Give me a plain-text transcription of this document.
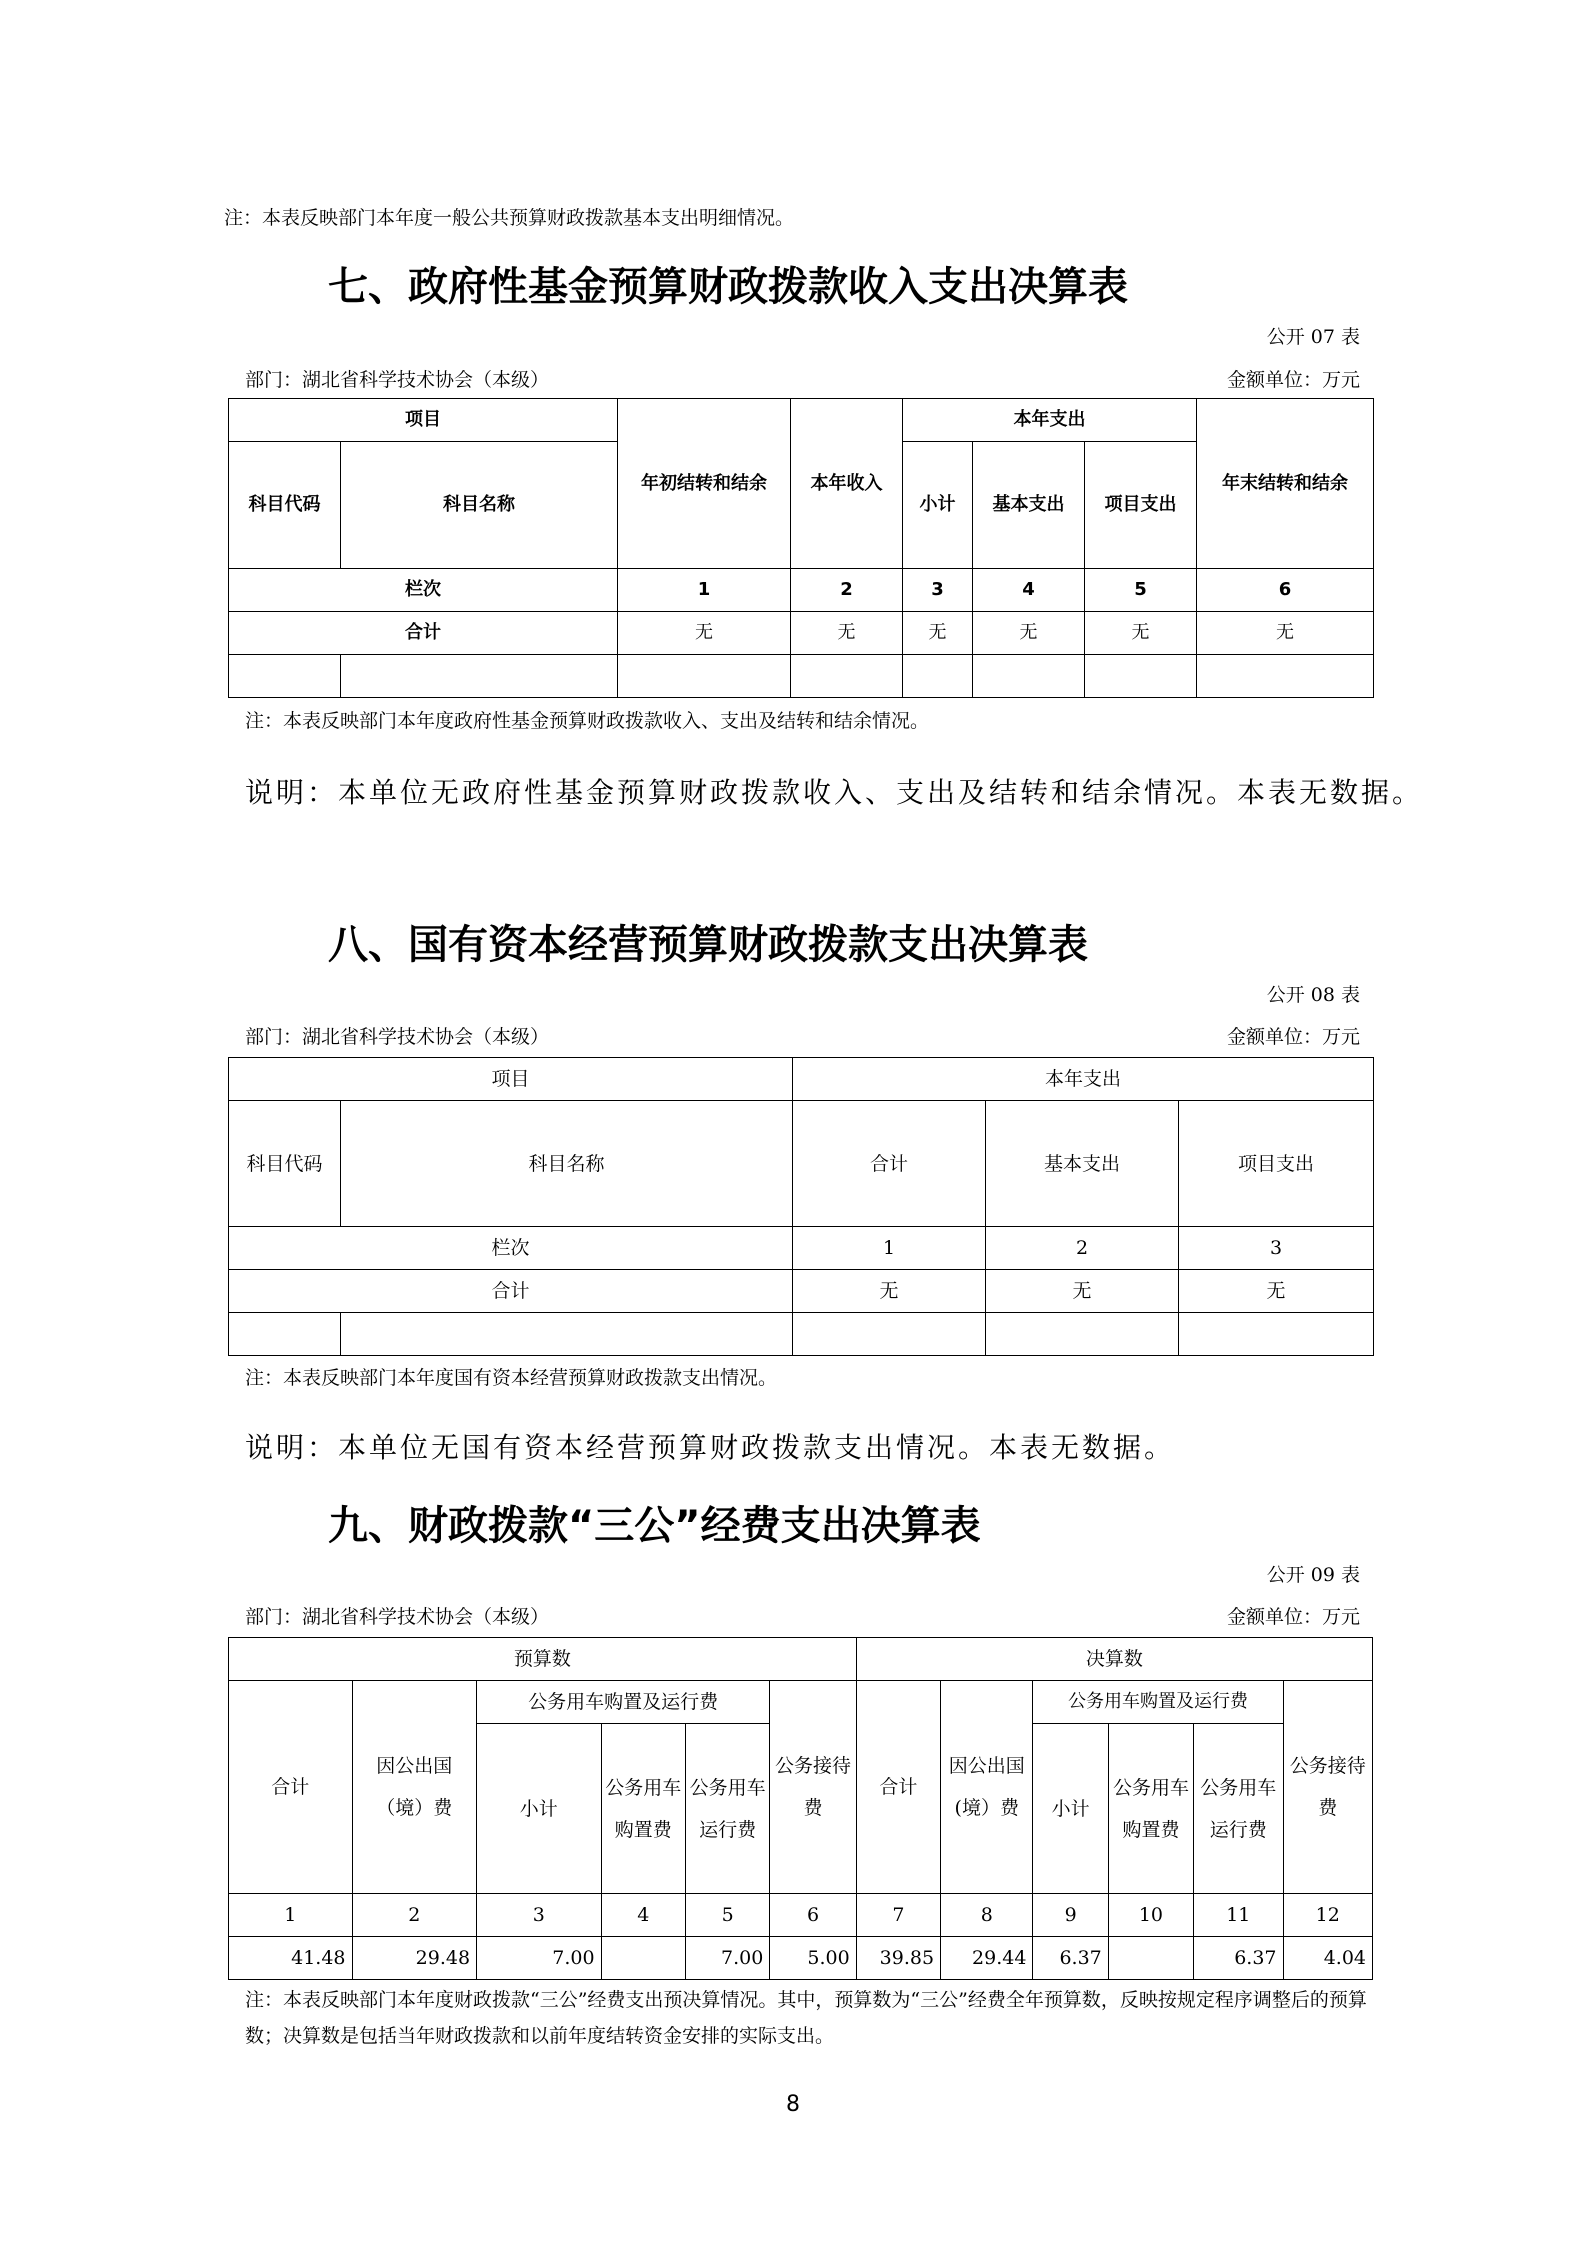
注：本表反映部门本年度一般公共预算财政拨款基本支出明细情况。
七、政府性基金预算财政拨款收入支出决算表
公开 07 表
部门：湖北省科学技术协会（本级）	金额单位：万元
项目		年初结转和结余	本年收入	本年支出			年末结转和结余
科目代码	科目名称			小计	基本支出	项目支出	
栏次		1	2	3	4	5	6
合计		无	无	无	无	无	无

注：本表反映部门本年度政府性基金预算财政拨款收入、支出及结转和结余情况。
说明：本单位无政府性基金预算财政拨款收入、支出及结转和结余情况。本表无数据。
八、国有资本经营预算财政拨款支出决算表
公开 08 表
部门：湖北省科学技术协会（本级）	金额单位：万元
项目		本年支出		
科目代码	科目名称	合计	基本支出	项目支出
栏次		1	2	3
合计		无	无	无

注：本表反映部门本年度国有资本经营预算财政拨款支出情况。
说明：本单位无国有资本经营预算财政拨款支出情况。本表无数据。
九、财政拨款“三公”经费支出决算表
公开 09 表
部门：湖北省科学技术协会（本级）	金额单位：万元
预算数						决算数					
合计	因公出国（境）费	公务用车购置及运行费			公务接待费	合计	因公出国(境）费	公务用车购置及运行费			公务接待费
		小计	公务用车购置费	公务用车运行费				小计	公务用车购置费	公务用车运行费	
1	2	3	4	5	6	7	8	9	10	11	12
41.48	29.48	7.00		7.00	5.00	39.85	29.44	6.37		6.37	4.04
注：本表反映部门本年度财政拨款“三公”经费支出预决算情况。其中，预算数为“三公”经费全年预算数，反映按规定程序调整后的预算数；决算数是包括当年财政拨款和以前年度结转资金安排的实际支出。
8
